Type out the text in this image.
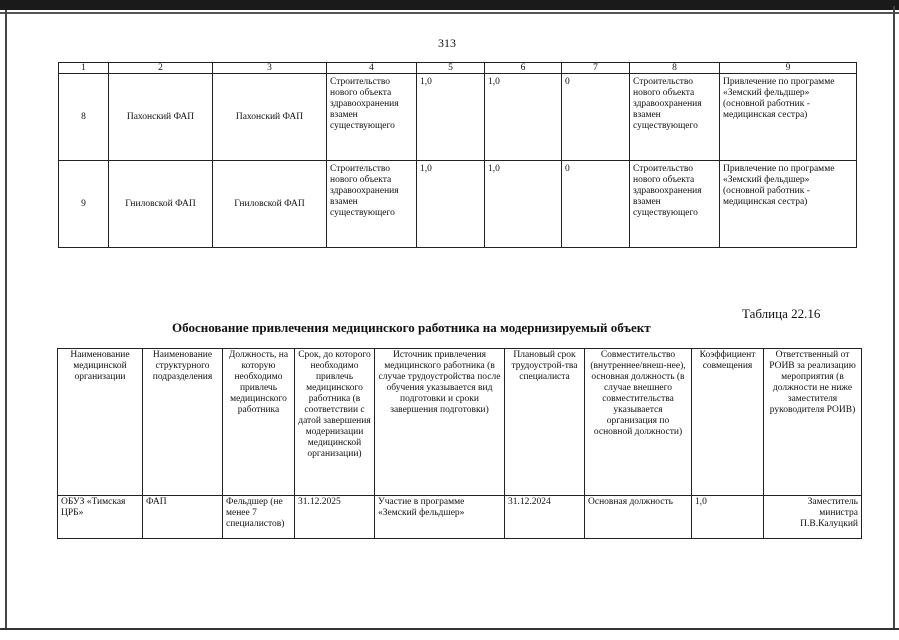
313
1	2	3	4	5	6	7	8	9
8	Пахонский ФАП	Пахонский ФАП	Строительство нового объекта здравоохранения взамен существующего	1,0	1,0	0	Строительство нового объекта здравоохранения взамен существующего	Привлечение по программе «Земский фельдшер» (основной работник - медицинская сестра)
9	Гниловской ФАП	Гниловской ФАП	Строительство нового объекта здравоохранения взамен существующего	1,0	1,0	0	Строительство нового объекта здравоохранения взамен существующего	Привлечение по программе «Земский фельдшер» (основной работник - медицинская сестра)
Таблица 22.16
Обоснование привлечения медицинского работника на модернизируемый объект
Наименование медицинской организации	Наименование структурного подразделения	Должность, на которую необходимо привлечь медицинского работника	Срок, до которого необходимо привлечь медицинского работника (в соответствии с датой завершения модернизации медицинской организации)	Источник привлечения медицинского работника (в случае трудоустройства после обучения указывается вид подготовки и сроки завершения подготовки)	Плановый срок трудоустрой-тва специалиста	Совместительство (внутреннее/внеш-нее), основная должность (в случае внешнего совместительства указывается организация по основной должности)	Коэффициент совмещения	Ответственный от РОИВ за реализацию мероприятия (в должности не ниже заместителя руководителя РОИВ)
ОБУЗ «Тимская ЦРБ»	ФАП	Фельдшер (не менее 7 специалистов)	31.12.2025	Участие в программе «Земский фельдшер»	31.12.2024	Основная должность	1,0	Заместитель министра П.В.Калуцкий
